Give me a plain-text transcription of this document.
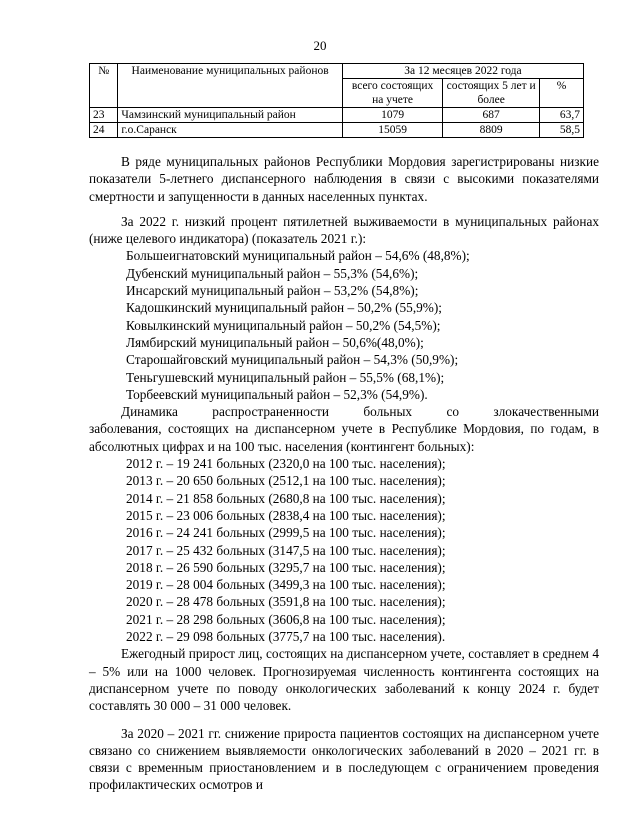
20
№	Наименование муниципальных районов	За 12 месяцев 2022 года		
		всего состоящих на учете	состоящих 5 лет и более	%
23	Чамзинский муниципальный район	1079	687	63,7
24	г.о.Саранск	15059	8809	58,5

В ряде муниципальных районов Республики Мордовия зарегистрированы низкие показатели 5-летнего диспансерного наблюдения в связи с высокими показателями смертности и запущенности в данных населенных пунктах.

За 2022 г. низкий процент пятилетней выживаемости в муниципальных районах (ниже целевого индикатора) (показатель 2021 г.):

Большеигнатовский муниципальный район – 54,6% (48,8%);

Дубенский муниципальный район – 55,3% (54,6%);

Инсарский муниципальный район – 53,2% (54,8%);

Кадошкинский муниципальный район – 50,2% (55,9%);

Ковылкинский муниципальный район – 50,2% (54,5%);

Лямбирский муниципальный район – 50,6%(48,0%);

Старошайговский муниципальный район – 54,3% (50,9%);

Теньгушевский муниципальный район – 55,5% (68,1%);

Торбеевский муниципальный район – 52,3% (54,9%).

Динамика распространенности больных со злокачественными

заболевания, состоящих на диспансерном учете в Республике Мордовия, по годам, в абсолютных цифрах и на 100 тыс. населения (контингент больных):

2012 г. – 19 241 больных (2320,0 на 100 тыс. населения);

2013 г. – 20 650 больных (2512,1 на 100 тыс. населения);

2014 г. – 21 858 больных (2680,8 на 100 тыс. населения);

2015 г. – 23 006 больных (2838,4 на 100 тыс. населения);

2016 г. – 24 241 больных (2999,5 на 100 тыс. населения);

2017 г. – 25 432 больных (3147,5 на 100 тыс. населения);

2018 г. – 26 590 больных (3295,7 на 100 тыс. населения);

2019 г. – 28 004 больных (3499,3 на 100 тыс. населения);

2020 г. – 28 478 больных (3591,8 на 100 тыс. населения);

2021 г. – 28 298 больных (3606,8 на 100 тыс. населения);

2022 г. – 29 098 больных (3775,7 на 100 тыс. населения).

Ежегодный прирост лиц, состоящих на диспансерном учете, составляет в среднем 4 – 5% или на 1000 человек. Прогнозируемая численность контингента состоящих на диспансерном учете по поводу онкологических заболеваний к концу 2024 г. будет составлять 30 000 – 31 000 человек.

За 2020 – 2021 гг. снижение прироста пациентов состоящих на диспансерном учете связано со снижением выявляемости онкологических заболеваний в 2020 – 2021 гг. в связи с временным приостановлением и в последующем с ограничением проведения профилактических осмотров и
